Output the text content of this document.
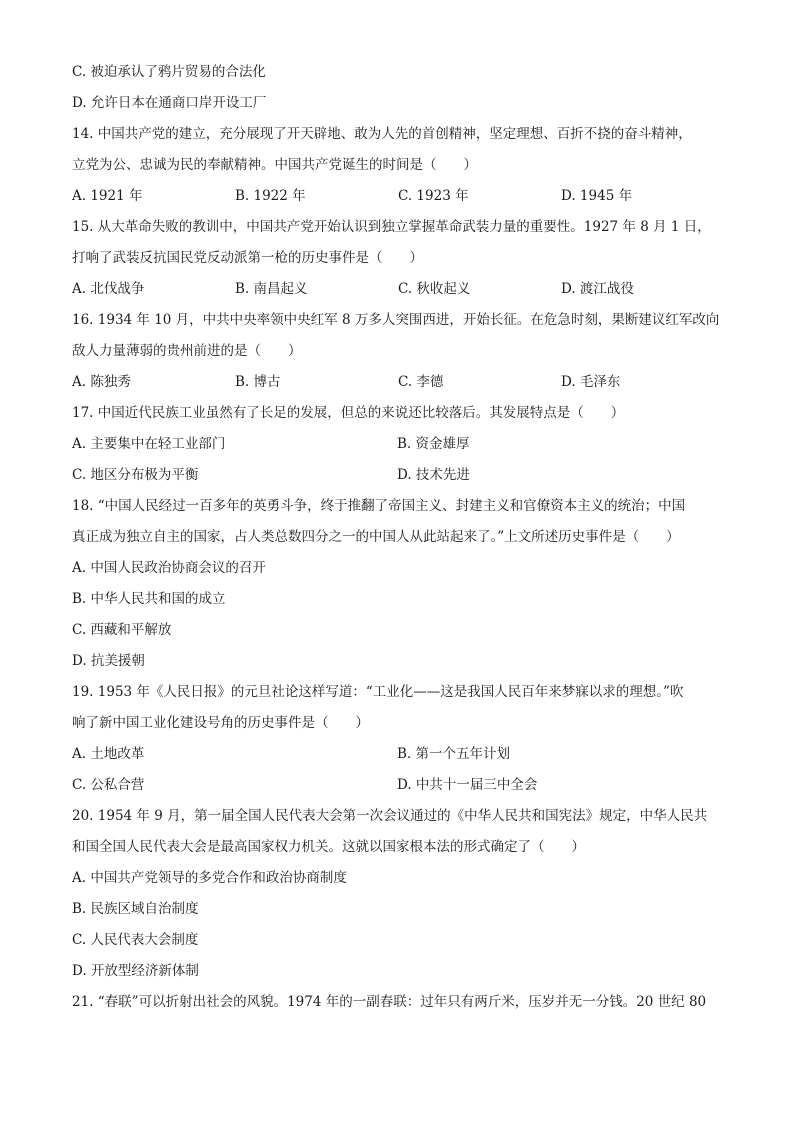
C. 被迫承认了鸦片贸易的合法化
D. 允许日本在通商口岸开设工厂
14. 中国共产党的建立，充分展现了开天辟地、敢为人先的首创精神，坚定理想、百折不挠的奋斗精神，
立党为公、忠诚为民的奉献精神。中国共产党诞生的时间是（　　）
A. 1921 年	B. 1922 年	C. 1923 年	D. 1945 年
15. 从大革命失败的教训中，中国共产党开始认识到独立掌握革命武装力量的重要性。1927 年 8 月 1 日，
打响了武装反抗国民党反动派第一枪的历史事件是（　　）
A. 北伐战争	B. 南昌起义	C. 秋收起义	D. 渡江战役
16. 1934 年 10 月，中共中央率领中央红军 8 万多人突围西进，开始长征。在危急时刻，果断建议红军改向
敌人力量薄弱的贵州前进的是（　　）
A. 陈独秀	B. 博古	C. 李德	D. 毛泽东
17. 中国近代民族工业虽然有了长足的发展，但总的来说还比较落后。其发展特点是（　　）
A. 主要集中在轻工业部门	B. 资金雄厚
C. 地区分布极为平衡	D. 技术先进
18. “中国人民经过一百多年的英勇斗争，终于推翻了帝国主义、封建主义和官僚资本主义的统治；中国
真正成为独立自主的国家，占人类总数四分之一的中国人从此站起来了。”上文所述历史事件是（　　）
A. 中国人民政治协商会议的召开
B. 中华人民共和国的成立
C. 西藏和平解放
D. 抗美援朝
19. 1953 年《人民日报》的元旦社论这样写道：“工业化——这是我国人民百年来梦寐以求的理想。”吹
响了新中国工业化建设号角的历史事件是（　　）
A. 土地改革	B. 第一个五年计划
C. 公私合营	D. 中共十一届三中全会
20. 1954 年 9 月，第一届全国人民代表大会第一次会议通过的《中华人民共和国宪法》规定，中华人民共
和国全国人民代表大会是最高国家权力机关。这就以国家根本法的形式确定了（　　）
A. 中国共产党领导的多党合作和政治协商制度
B. 民族区域自治制度
C. 人民代表大会制度
D. 开放型经济新体制
21. “春联”可以折射出社会的风貌。1974 年的一副春联：过年只有两斤米，压岁并无一分钱。20 世纪 80
